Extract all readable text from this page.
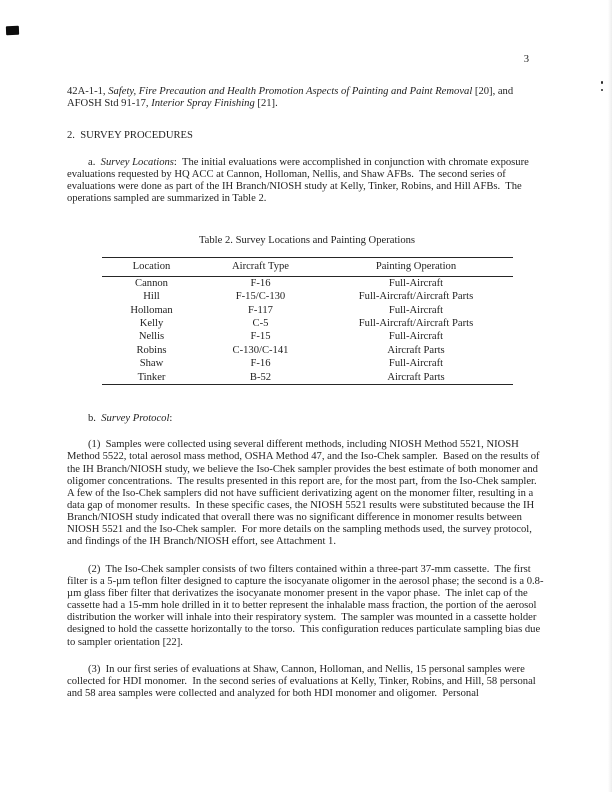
3

42A-1-1, Safety, Fire Precaution and Health Promotion Aspects of Painting and Paint Removal [20], and AFOSH Std 91-17, Interior Spray Finishing [21].

2.  SURVEY PROCEDURES

a.  Survey Locations:  The initial evaluations were accomplished in conjunction with chromate exposure evaluations requested by HQ ACC at Cannon, Holloman, Nellis, and Shaw AFBs.  The second series of evaluations were done as part of the IH Branch/NIOSH study at Kelly, Tinker, Robins, and Hill AFBs.  The operations sampled are summarized in Table 2.

Table 2. Survey Locations and Painting Operations
Location	Aircraft Type	Painting Operation
Cannon	F-16	Full-Aircraft
Hill	F-15/C-130	Full-Aircraft/Aircraft Parts
Holloman	F-117	Full-Aircraft
Kelly	C-5	Full-Aircraft/Aircraft Parts
Nellis	F-15	Full-Aircraft
Robins	C-130/C-141	Aircraft Parts
Shaw	F-16	Full-Aircraft
Tinker	B-52	Aircraft Parts

b.  Survey Protocol:

(1)  Samples were collected using several different methods, including NIOSH Method 5521, NIOSH Method 5522, total aerosol mass method, OSHA Method 47, and the Iso-Chek sampler.  Based on the results of the IH Branch/NIOSH study, we believe the Iso-Chek sampler provides the best estimate of both monomer and oligomer concentrations.  The results presented in this report are, for the most part, from the Iso-Chek sampler.  A few of the Iso-Chek samplers did not have sufficient derivatizing agent on the monomer filter, resulting in a data gap of monomer results.  In these specific cases, the NIOSH 5521 results were substituted because the IH Branch/NIOSH study indicated that overall there was no significant difference in monomer results between NIOSH 5521 and the Iso-Chek sampler.  For more details on the sampling methods used, the survey protocol, and findings of the IH Branch/NIOSH effort, see Attachment 1.

(2)  The Iso-Chek sampler consists of two filters contained within a three-part 37-mm cassette.  The first filter is a 5-µm teflon filter designed to capture the isocyanate oligomer in the aerosol phase; the second is a 0.8-µm glass fiber filter that derivatizes the isocyanate monomer present in the vapor phase.  The inlet cap of the cassette had a 15-mm hole drilled in it to better represent the inhalable mass fraction, the portion of the aerosol distribution the worker will inhale into their respiratory system.  The sampler was mounted in a cassette holder designed to hold the cassette horizontally to the torso.  This configuration reduces particulate sampling bias due to sampler orientation [22].

(3)  In our first series of evaluations at Shaw, Cannon, Holloman, and Nellis, 15 personal samples were collected for HDI monomer.  In the second series of evaluations at Kelly, Tinker, Robins, and Hill, 58 personal and 58 area samples were collected and analyzed for both HDI monomer and oligomer.  Personal
